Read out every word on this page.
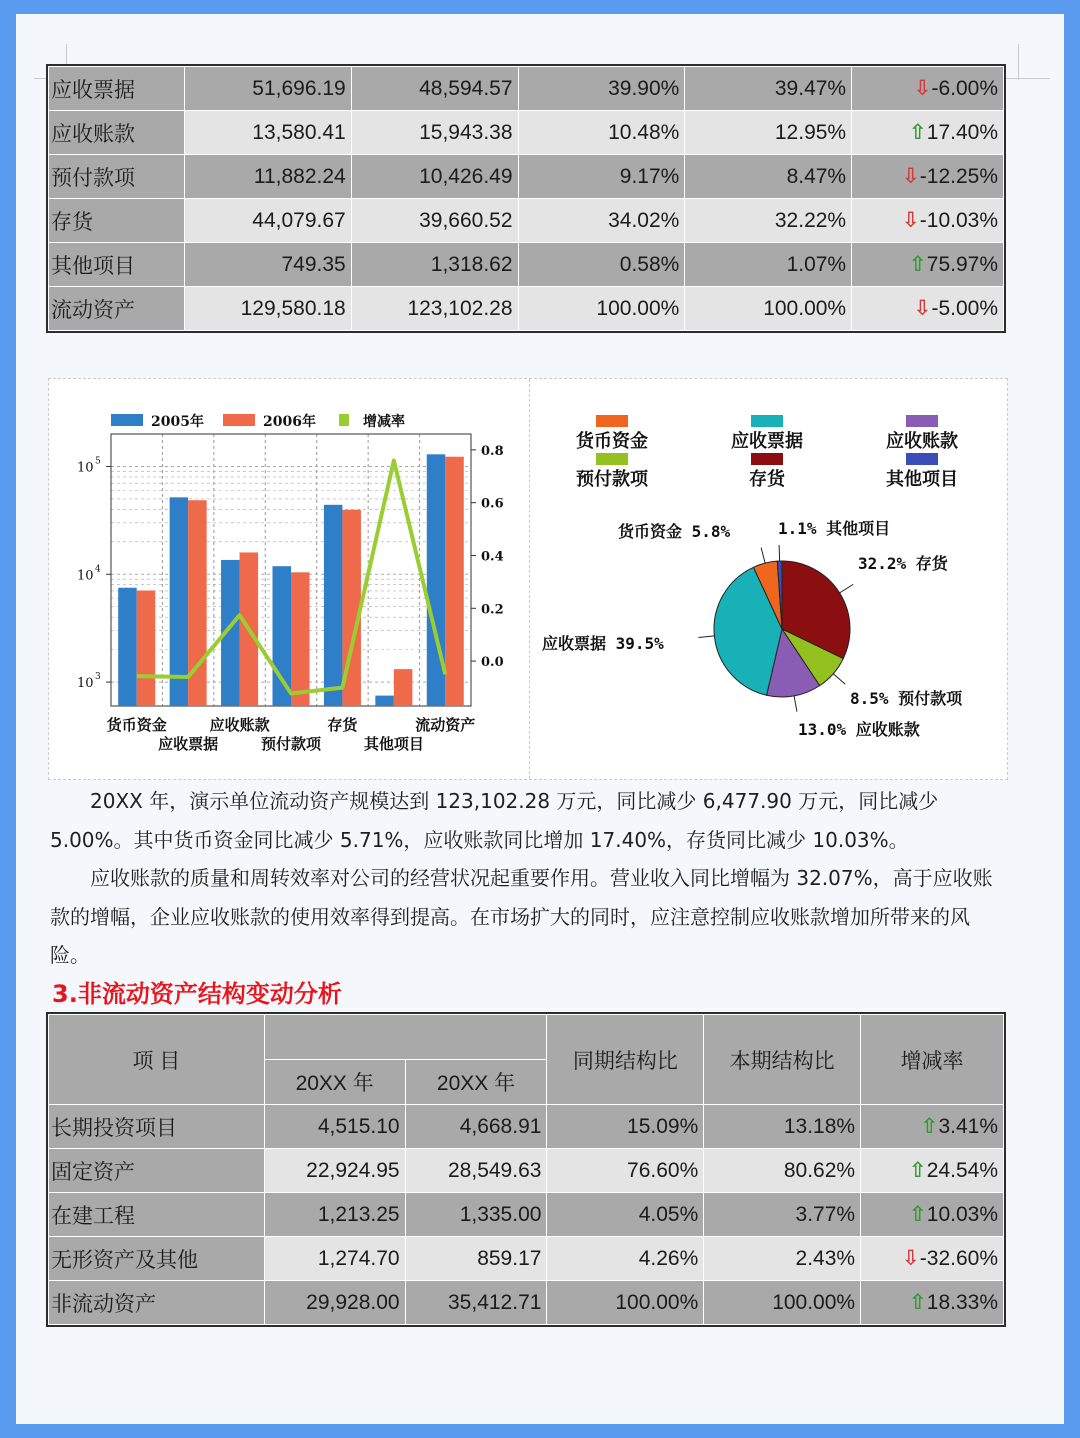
应收票据	51,696.19	48,594.57	39.90%	39.47%	⇩-6.00%
应收账款	13,580.41	15,943.38	10.48%	12.95%	⇧17.40%
预付款项	11,882.24	10,426.49	9.17%	8.47%	⇩-12.25%
存货	44,079.67	39,660.52	34.02%	32.22%	⇩-10.03%
其他项目	749.35	1,318.62	0.58%	1.07%	⇧75.97%
流动资产	129,580.18	123,102.28	100.00%	100.00%	⇩-5.00%
10 5
10 4
10 3
0.8
0.6
0.4
0.2
0.0
货币资金	应收账款	存货	流动资产
应收票据	预付款项	其他项目
2005年	2006年	增减率
货币资金	应收票据	应收账款
预付款项	存货	其他项目
32.2% 存货
8.5% 预付款项
13.0% 应收账款
应收票据 39.5%
货币资金 5.8%	1.1% 其他项目

20XX 年，演示单位流动资产规模达到 123,102.28 万元，同比减少 6,477.90 万元，同比减少 5.00%。其中货币资金同比减少 5.71%，应收账款同比增加 17.40%，存货同比减少 10.03%。

应收账款的质量和周转效率对公司的经营状况起重要作用。营业收入同比增幅为 32.07%，高于应收账款的增幅，企业应收账款的使用效率得到提高。在市场扩大的同时，应注意控制应收账款增加所带来的风险。

3.非流动资产结构变动分析
项 目			同期结构比	本期结构比	增减率
	20XX 年	20XX 年			
长期投资项目	4,515.10	4,668.91	15.09%	13.18%	⇧3.41%
固定资产	22,924.95	28,549.63	76.60%	80.62%	⇧24.54%
在建工程	1,213.25	1,335.00	4.05%	3.77%	⇧10.03%
无形资产及其他	1,274.70	859.17	4.26%	2.43%	⇩-32.60%
非流动资产	29,928.00	35,412.71	100.00%	100.00%	⇧18.33%
